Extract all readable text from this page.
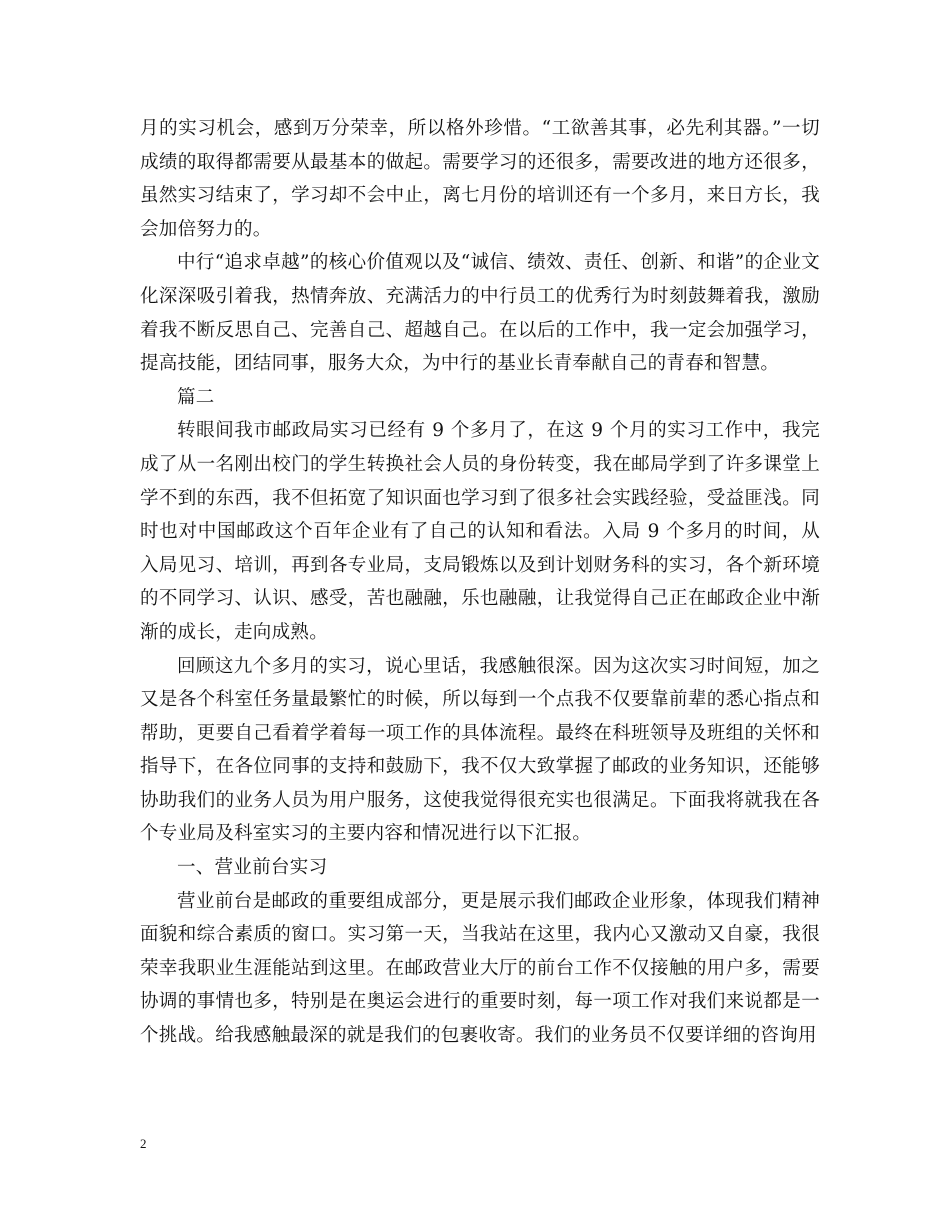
月的实习机会，感到万分荣幸，所以格外珍惜。“工欲善其事，必先利其器。”一切成绩的取得都需要从最基本的做起。需要学习的还很多，需要改进的地方还很多，虽然实习结束了，学习却不会中止，离七月份的培训还有一个多月，来日方长，我会加倍努力的。

中行“追求卓越”的核心价值观以及“诚信、绩效、责任、创新、和谐”的企业文化深深吸引着我，热情奔放、充满活力的中行员工的优秀行为时刻鼓舞着我，激励着我不断反思自己、完善自己、超越自己。在以后的工作中，我一定会加强学习，提高技能，团结同事，服务大众，为中行的基业长青奉献自己的青春和智慧。

篇二

转眼间我市邮政局实习已经有 9 个多月了，在这 9 个月的实习工作中，我完成了从一名刚出校门的学生转换社会人员的身份转变，我在邮局学到了许多课堂上学不到的东西，我不但拓宽了知识面也学习到了很多社会实践经验，受益匪浅。同时也对中国邮政这个百年企业有了自己的认知和看法。入局 9 个多月的时间，从入局见习、培训，再到各专业局，支局锻炼以及到计划财务科的实习，各个新环境的不同学习、认识、感受，苦也融融，乐也融融，让我觉得自己正在邮政企业中渐渐的成长，走向成熟。

回顾这九个多月的实习，说心里话，我感触很深。因为这次实习时间短，加之又是各个科室任务量最繁忙的时候，所以每到一个点我不仅要靠前辈的悉心指点和帮助，更要自己看着学着每一项工作的具体流程。最终在科班领导及班组的关怀和指导下，在各位同事的支持和鼓励下，我不仅大致掌握了邮政的业务知识，还能够协助我们的业务人员为用户服务，这使我觉得很充实也很满足。下面我将就我在各个专业局及科室实习的主要内容和情况进行以下汇报。

一、营业前台实习

营业前台是邮政的重要组成部分，更是展示我们邮政企业形象，体现我们精神面貌和综合素质的窗口。实习第一天，当我站在这里，我内心又激动又自豪，我很荣幸我职业生涯能站到这里。在邮政营业大厅的前台工作不仅接触的用户多，需要协调的事情也多，特别是在奥运会进行的重要时刻，每一项工作对我们来说都是一个挑战。给我感触最深的就是我们的包裹收寄。我们的业务员不仅要详细的咨询用

2
